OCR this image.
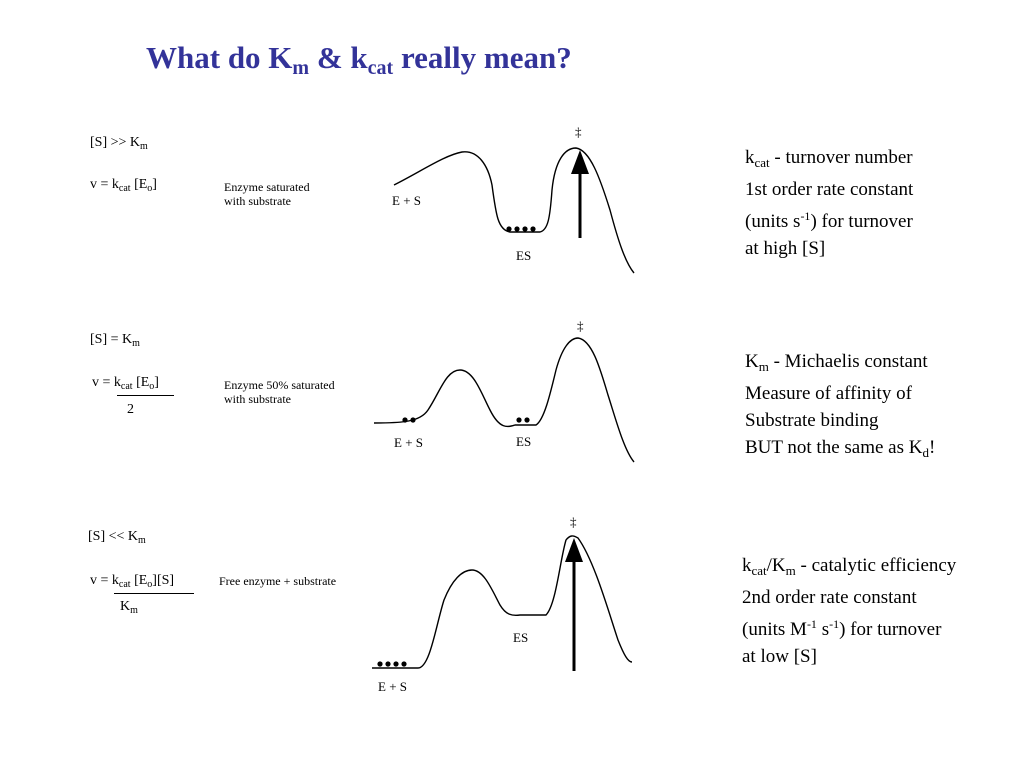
What do $K_m$ & $k_{cat}$ really mean?
‡
E + S
ES
‡
E + S	ES
‡
ES
E + S
$[S] >> K_m$
$v = k_{cat}$ $[E_o]$	Enzyme saturated
with substrate
$[S] = K_m$
$v = k_{cat}$ $[E_o]$
2
Enzyme 50% saturated
with substrate
$[S] << K_m$
$v = k_{cat}$ $[E_o][S]$
$K_m$
Free enzyme + substrate
$k_{cat}$ - turnover number
1st order rate constant
(units $s^{-1}$) for turnover
at high [S]
$K_m$ - Michaelis constant
Measure of affinity of
Substrate binding
BUT not the same as $K_d$!
$k_{cat}/K_m$ - catalytic efficiency
2nd order rate constant
(units $M^{-1}$ $s^{-1}$) for turnover
at low [S]
